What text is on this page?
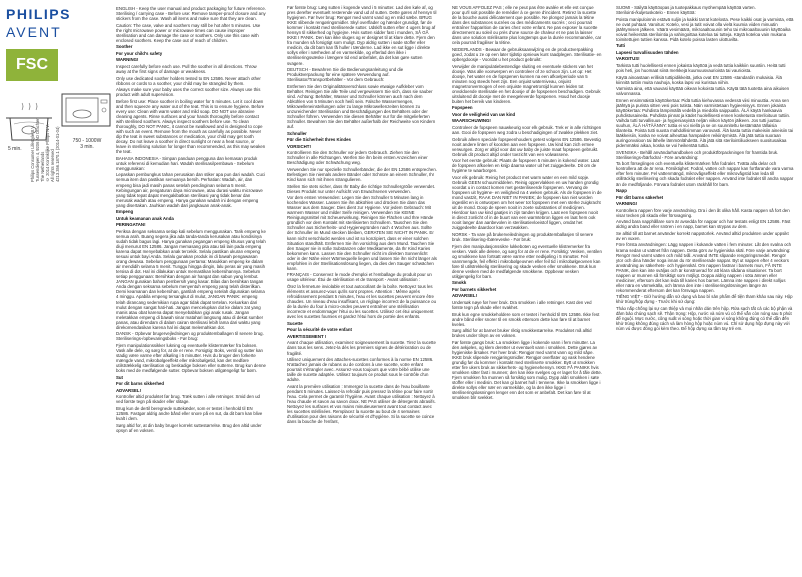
PHILIPS
AVENT
FSC
Philips Consumer Lifestyle B.V. Tussendiepen 4, 9206 AD Drachten The Netherlands © 2014 Koninklijke Philips N.V. All rights reserved 4213.356.1870.1 (2014-01-04)
5 min.
750 - 1000W
3 min.

ENGLISH - Keep the user manual and product packaging for future reference. Sterilising / carrying case - Before use: Remove tamper-proof closure and any stickers from the case. Wash all items and make sure that they are clean.

Caution: The case, valve and soothers may still be hot after 5 minutes. Use the right microwave power or microwave times can cause improper sterilisation and can damage the case or soothers. Only use this case with enclosed soothers. Keep the case out of reach of children.

Soother

For your child's safety

WARNING!

Inspect carefully before each use. Pull the soother in all directions. Throw away at the first signs of damage or weakness.

Only use dedicated soother holders tested to EN 12586. Never attach other ribbons or cords to a soother, your child may be strangled by them.

Always make sure your baby uses the correct soother size. Always use this product with adult supervision.

Before first use: Place soother in boiling water for 5 minutes. Let it cool down and then squeeze any water out of the teat. This is to ensure hygiene. Before every use: Clean with warm water and mild soap. DO NOT use abrasive cleaning agents. Rinse surfaces and your hands thoroughly before contact with sterilised soothers. Always inspect soothers before use. To clean thoroughly, DO NOT PANIC, it cannot be swallowed and is designed to cope with such an event. Remove from the mouth as carefully as possible. Never dip the teat in sweet substances or medication, your child may get tooth decay. Do not leave a soother in direct sunlight or near a heat source, or leave in sterilising solution for longer than recommended, as this may weaken the teat.

BAHASA INDONESIA - Simpan panduan pengguna dan kemasan produk untuk referensi di kemudian hari. Wadah sterilisasi/pembawa - Sebelum menggunakan:

Lepaskan pembungkus tahan perusakan dan stiker apa pun dari wadah. Cuci semua item dan pastikan semuanya bersih. Perhatian: Wadah, air, dan empeng bisa jadi masih panas setelah pendinginan selama 5 menit. Kebingungan air, pengaturan daya microwave, atau durasi waktu microwave yang tidak tepat dapat mengakibatkan sterilisasi yang tidak benar dan merusak wadah atau empeng. Hanya gunakan wadah ini dengan empeng yang disertakan. Jauhkan wadah dari jangkauan anak-anak.

Empeng

Untuk keamanan anak Anda

PERINGATAN!

Periksa dengan seksama setiap kali sebelum menggunakan. Tarik empeng ke semua arah. Buang segera jika ada tanda-tanda kerusakan atau kondisinya sudah tidak bagus lagi. Hanya gunakan pegangan empeng khusus yang telah diuji menurut EN 12586. Jangan memasang pita atau tali lain pada empeng karena dapat menyebabkan anak tercekik. Selalu pastikan ukuran empeng sesuai untuk bayi Anda. Selalu gunakan produk ini di bawah pengawasan orang dewasa. Sebelum penggunaan pertama: Masukkan empeng ke dalam air mendidih selama 5 menit. Tunggu hingga dingin, lalu peras air yang masih tersisa di dot. Hal ini dilakukan untuk memastikan kebersihannya. Sebelum setiap penggunaan: Bersihkan dengan air hangat dan sabun yang lembut. JANGAN gunakan bahan pembersih yang kasar. Bilas dan bersihkan tangan Anda dengan seksama sebelum menyentuh empeng yang telah disterilkan. Demi keamanan dan kebersihan, gantilah empeng setelah digunakan selama 4 minggu. Apabila empeng tersangkut di mulut, JANGAN PANIK: empeng telah dirancang sedemikian rupa agar tidak dapat tertelan. Keluarkan dari mulut dengan sangat hati-hati. Jangan mencelupkan dot ke dalam zat yang manis atau obat karena dapat menyebabkan gigi anak rusak. Jangan meletakkan empeng di bawah sinar matahari langsung atau di dekat sumber panas, atau direndam di dalam cairan sterilisasi lebih lama dari waktu yang direkomendasikan karena hal ini dapat melemahkan dot.

DANSK - Opbevar brugervejledningen og produktemballagen til senere brug. Steriliserings-/opbevaringsboks - Før brug:

Fjern manipulationssikker lukning og eventuelle klistermærker fra boksen. Vask alle dele, og sørg for, at de er rene. Forsigtig: Boks, ventil og sutter kan stadig være varme efter afkøling i 5 minutter. Hvis du bruger den forkerte mængde vand, mikrobølgeeffekt eller mikrobølgetid, kan det medføre utilstrækkelig sterilisation og beskadige boksen eller sutterne. Brug kun denne boks med de medfølgende sutter. Opbevar boksen utilgængeligt for børn.

Sut

For dit barns sikkerhed

ADVARSEL!

Kontroller altid produktet før brug. Træk sutten i alle retninger. Smid den ud ved første tegn på skader eller slitage.

Brug kun de dertil beregnede suttekæder, som er testet i henhold til EN 12586. Fastgør aldrig andre bånd eller snore på en sut, da dit barn kan blive kvalt i dem.

Sørg altid for, at din baby bruger korrekt suttestørrelse. Brug den altid under opsyn af en voksen.

Før første brug: Læg sutten i kogende vand i 5 minutter. Lad den køle af, og pres derefter eventuelt resterende vand ud af sutten. Dette gøres af hensyn til hygiejnen. Før hver brug: Rengør med varmt vand og en mild sæbe. BRUG IKKE slibende rengøringsmidler. Skyl overflader og hænder grundigt, før de kommer i kontakt med steriliserede sutter. Udskift sutten efter 4 ugers brug af hensyn til sikkerhed og hygiejne. Hvis sutten sidder fast i munden, SÅ GÅ IKKE I PANIK. Den kan ikke sluges og er designet til at klare dette. Fjern den fra munden så forsigtigt som muligt. Dyp aldrig sutten i søde stoffer eller medicin, da dit barn kan få huller i tænderne. Lad ikke en sut ligge i direkte sollys eller i nærheden af en varmekilde, og efterlad den ikke i steriliseringsvæske i længere tid end anbefalet, da det kan gøre sutten svagere.

DEUTSCH - Bewahren Sie die Bedienungsanleitung und die Produktverpackung für eine spätere Verwendung auf. Sterilisator/Transportbehälter - Vor dem Gebrauch:

Entfernen Sie den Originalitätsverschluss sowie etwaige Aufkleber vom Behälter. Reinigen Sie alle Teile und vergewissern Sie sich, dass sie sauber sind. Achtung: Behälter, Wasser und Schnuller können auch nach dem Abkühlen von 5 Minuten noch heiß sein. Falsche Wassermengen, Mikrowelleneinstellungen oder zu lange Mikrowellenzeiten können zu unzureichender Sterilisation und Beschädigungen des Behälters oder der Schnuller führen. Verwenden Sie diesen Behälter nur für die mitgelieferten Schnuller. Bewahren Sie den Behälter außerhalb der Reichweite von Kindern auf.

Schnuller

Für die Sicherheit Ihres Kindes

VORSICHT!

Kontrollieren Sie den Schnuller vor jedem Gebrauch. Ziehen Sie den Schnuller in alle Richtungen. Werfen Sie ihn beim ersten Anzeichen einer Beschädigung oder Schwächung weg.

Verwenden Sie nur spezielle Schnullerbänder, die der EN 12586 entsprechen. Befestigen Sie niemals andere Bänder oder Schnüre an einem Schnuller, Ihr Kind kann sich mit ihnen strangulieren.

Stellen Sie stets sicher, dass Ihr Baby die richtige Schnullergröße verwendet. Dieses Produkt nur unter Aufsicht von Erwachsenen verwenden.

Vor dem ersten Verwenden: Legen Sie den Schnuller 5 Minuten lang in kochendes Wasser. Lassen Sie ihn abkühlen und drücken Sie dann das Wasser aus dem Sauger. Dies dient zur Hygiene. Vor jedem Gebrauch: Mit warmem Wasser und milder Seife reinigen. Verwenden Sie KEINE Reinigungsmittel mit Scheuerwirkung. Reinigen Sie Flächen und Ihre Hände gründlich vor dem Kontakt mit sterilisierten Schnullern. Tauschen Sie den Schnuller aus Sicherheits- und Hygienegründen nach 4 Wochen aus. Sollte der Schnuller im Mund stecken bleiben, GERATEN SIE NICHT IN PANIK. Er kann nicht verschluckt werden und ist so konzipiert, dass er einer solchen Situation standhält. Entfernen Sie ihn vorsichtig aus dem Mund. Tauchen Sie den Sauger nie in süße Substanzen oder Medikamente, da Ihr Kind Karies bekommen kann. Lassen Sie den Schnuller nicht im direkten Sonnenlicht oder in der Nähe einer Wärmequelle liegen und lassen Sie ihn nicht länger als empfohlen in der Sterilisationslösung liegen, da dies den Sauger schwächen kann.

FRANÇAIS - Conservez le mode d'emploi et l'emballage du produit pour un usage ultérieur. Étui de stérilisation et de transport - Avant utilisation :

Ôtez la fermeture inviolable et tout autocollant de la boîte. Nettoyez tous les éléments et assurez-vous qu'ils sont propres. Attention : Même après refroidissement pendant 5 minutes, l'eau et les sucettes peuvent encore être chaudes. Un niveau d'eau insuffisant, un réglage incorrect de la puissance ou de la durée du four à micro-ondes peuvent entraîner une stérilisation incorrecte et endommager l'étui ou les sucettes. Utilisez cet étui uniquement avec les sucettes fournies et gardez l'étui hors de portée des enfants.

Sucette

Pour la sécurité de votre enfant

AVERTISSEMENT !

Avant chaque utilisation, examinez soigneusement la sucette. Tirez la sucette dans tous les sens. Jetez-la dès les premiers signes de détérioration ou de fragilité.

Utilisez uniquement des attaches-sucettes conformes à la norme EN 12586. N'attachez jamais de rubans ou de cordons à une sucette, votre enfant pourrait s'étrangler avec. Assurez-vous toujours que votre bébé utilise une taille de sucette adaptée. Utilisez toujours ce produit sous le contrôle d'un adulte.

Avant la première utilisation : Immergez la sucette dans de l'eau bouillante pendant 5 minutes. Laissez-la refroidir puis pressez la tétine pour faire sortir l'eau. Cela permet de garantir l'hygiène. Avant chaque utilisation : Nettoyez à l'eau chaude et savon au savon doux. NE PAS utiliser de détergents abrasifs. Nettoyez les surfaces et vos mains minutieusement avant tout contact avec les sucettes stérilisées. Remplacez la sucette au bout de 4 semaines d'utilisation pour des raisons de sécurité et d'hygiène. Si la sucette se coince dans la bouche de l'enfant,

NE VOUS AFFOLEZ PAS ; elle ne peut pas être avalée et elle est conçue pour qu'il soit possible de remédier à ce genre d'incident. Retirez la sucette de la bouche aussi délicatement que possible. Ne plongez jamais la tétine dans des substances sucrées ou des médicaments sucrés ; ceci pourrait entraîner l'apparition de caries chez votre enfant. Ne pas exposer la sucette directement au soleil ou près d'une source de chaleur et ne pas la laisser dans une solution stérilisante plus longtemps que la durée recommandée, car cela pourrait fragiliser la tétine.

NEDERLANDS - Bewaar de gebruiksaanwijzing en de productverpakking goed, zodat u ze op een later tijdstip opnieuw kunt raadplegen. Sterilisatie- en opbergdoosje - Voordat u het product gebruikt:

Verwijder de manipulatiebestendige sluiting en eventuele stickers van het doosje. Was alle voorwerpen en controleer of ze schoon zijn. Let op: Het doosje, het water en de fopspenen kunnen na een afkoelperiode van 5 minuten nog steeds heet zijn. Een onjuist waterniveau, onjuist magnetronvermogen of een onjuiste magnetrontijd kunnen leiden tot onvoldoende sterilisatie en het doosje of de fopspenen beschadigen. Gebruik uitsluitend dit doosje met de meegeleverde fopspenen. Houd het doosje buiten het bereik van kinderen.

Fopspeen

Voor de veiligheid van uw kind

WAARSCHUWING!

Controleer de fopspeen nauwkeurig voor elk gebruik. Trek er in alle richtingen aan. Gooi de fopspeen weg zodra u beschadigingen of zwakke plekken ziet.

Gebruik alleen speciale fopspeenhouders getest volgens EN 12586. Bevestig nooit andere linten of koorden aan een fopspeen. Uw kind kan zich ermee verwurgen. Zorg er altijd voor dat uw baby de juiste maat fopspeen gebruikt. Gebruik dit product altijd onder toezicht van een volwassene.

Voor het eerste gebruik: Plaats de fopspeen 5 minuten in kokend water. Laat de fopspeen afkoelen en knijp daarna water uit het zuiggedeelte. Dit om de hygiëne te waarborgen.

Voor elk gebruik: Reinig het product met warm water en een mild sopje. Gebruik GEEN schuurmiddelen. Reinig oppervlakken en uw handen grondig voordat u in contact komen met gesteriliseerde fopspenen. Vervang de fopspeen uit hygiëne- en veiligheid na 4 weken gebruik. Als de fopspeen in de mond vastzit, RAAK DAN NIET IN PANIEK; de fopspeen kan niet worden ingeslikt en is ontworpen om het weer tot fopspeen met een sterke zuigkracht uit de mond. Doop de speen nooit in zoete substanties of medicijnen. Hierdoor kan uw kind gaatjes in zijn tanden krijgen. Laat een fopspeen nooit in direct zonlicht of in de buurt van een warmtebron liggen en laat hem ook nooit langer dan aanbevolen in sterilisatievloeistof liggen, omdat het zuiggedeelte daardoor kan verzwakken.

NORSK - Ta vare på brukerveiledningen og produktemballasjen til senere bruk. Sterilisering-/bæreveske - Før bruk:

Fjern den manipulasjonssikre lukkeboten og eventuelle klistremerker fra vesken. Vask alle delene, og sørg for at de er rene. Forsiktig: Vesken, ventilen og smokkene kan fortsatt være varme etter nedkjøling i 5 minutter. Feil vannmengde, feil effekt i mikrobølgeovnen eller feil tid i mikrobølgeovnen kan føre til utilstrekkelig sterilisering og skade vesken eller smokkene. Bruk kun denne vesken med de medfølgende smokkene. Oppbevar vesken utilgjengelig for barn.

Smokk

For barnets sikkerhet

ADVARSEL!

Undersøk nøye før hver bruk. Dra smokken i alle retninger. Kast den ved første tegn på skade eller svakhet.

Bruk kun egne smokkeholdere som er testet i henhold til EN 12586. Ikke fest andre bånd eller snorer til en smokk ettersom dette kan føre til at barnet kveles.

Sørg alltid for at barnet bruker riktig smokkestørrelse. Produktet må alltid brukes under tilsyn av en voksen.

Før første gangs bruk: La smokken ligge i kokende vann i fem minutter. La den avkjøles, og klem deretter ut eventuelt vann i smokken. Dette gjøres av hygieniske årsaker. Før hver bruk: Rengjør med varmt vann og mild såpe. IKKE bruk slipende rengjøringsmidler. Rengjør overflater og vask hendene grundig før du kommer i kontakt med steriliserte smokker. Bytt ut smokken etter fire ukers bruk av sikkerhets- og hygienehensyn. IKKE FÅ PANIKK hvis smokken sitter fast i munnen; den kan ikke svelges og er laget for å tåle dette. Fjern smokken fra munnen så forsiktig som mulig. Dypp aldri smokken i søte stoffer eller i medisin. Det kan gi barnet hull i tennene. Ikke la smokken ligge i direkte sollys eller nær en varmekilde, og la den ikke ligge i steriliseringsløsningen lenger enn det som er anbefalt. Det kan føre til at smokken blir svekket.

SUOMI - Säilytä käyttöopas ja tuotepakkaus myöhempää käyttöä varten. Sterilointi-/kuljetuskotelo - Ennen käyttöä:

Poista manipuloinnin estävä suljin ja kaikki tarrat kotelosta. Pese kaikki osat ja varmista, että ne ovat puhtaat. Varoitus: Kotelo, vesi ja tutit voivat olla vielä kuumia viiden minuutin jäähtymisen jälkeen. Väärä vesimäärä, mikroaaltouunin teho tai mikroaaltouunin käyttöaika voivat heikentää sterilointia ja vahingoittaa koteloa tai tutteja. Käytä koteloa vain mukana toimitettujen tuttien kanssa. Pidä kotelo poissa lasten ulottuvilta.

Tutti

Lapsesi turvallisuuden tähden

VAROITUS!

Tarkista tutti huolellisesti ennen jokaista käyttöä ja vedä tuttia kaikkiin suuntiin. Heitä tutti pois heti, jos huomaat siinä merkkejä kuumuusvaurioista tai vaurioista.

Käytä ainoastaan erillisiä tuttipidikkeitä, jotka ovat EN 12586 -standardin mukaisia. Älä kiinnitä tuttiin muita nauhoja, koska lapsi voi kuristua niihin.

Varmista aina, että vauvasi käyttää oikean kokoista tuttia. Käytä tätä tuotetta aina aikuisen valvonnassa.

Ennen ensimmäistä käyttökertaa: Pidä tuttia kiehuvassa vedessä viisi minuuttia. Anna sen jäähtyä ja purista sitten vesi pois tutista. Näin varmistetaan hygieenisyys. Ennen jokaista käyttökertaa: Puhdista lämpimällä vedellä ja miedolla saippualla. ÄLÄ käytä hankaavia puhdistusaineita. Puhdista pinnat ja kädet huolellisesti ennen kosketusta steriloituun tuttiin. Vaihda tutti turvallisuus- ja hygieniasyistä neljän viikon käytön jälkeen. Jos tutti juuttuu suuhun, ÄLÄ HÄTÄÄNNY: tuttia ei voi niellä ja se on suunniteltu kestämään tällaisia tilanteita. Poista tutti suusta mahdollisimman varovasti. Älä kasta tuttia makeisiin aineisiin tai lääkkeisiin, koska ne voivat aiheuttaa hampaiden reikiintymistä. Älä jätä tuttia suoraan auringonvaloon tai lähelle lämmönlähdettä. Älä jätä sitä sterilointiliuokseen suositusaikaa pidemmäksi aikaa, koska se voi heikentää tuttia.

SVENSKA - Behåll användarhandboken och produktförpackningen för framtida bruk. Steriliserings-/bärfodral - Före användning:

Ta bort förseglingen och eventuella klistermärken från fodralet. Tvätta alla delar och kontrollera att de är rena. Försiktighet: Fodral, vatten och nappar kan fortfarande vara varma efter fem minuter. Fel vattenmängd, mikrovågseffekt eller mikrovågstid kan leda till otillräcklig sterilisering och skada fodralet eller nappen. Använd inte fodralet till andra nappar än de medföljande. Förvara fodralet utom räckhåll för barn.

Napp

För ditt barns säkerhet

VARNING!

Kontrollera nappen före varje användning. Dra i den åt olika håll. Kasta nappen så fort den visar tecken på skada eller försvagning.

Använd bara napphållare som är avsedda för nappar och har testats enligt EN 12586. Fäst aldrig andra band eller snören i en napp, barnet kan strypas av dem.

Se alltid till att barnet använder korrekt nappstorlek. Använd alltid produkten under uppsikt av en vuxen.

Före första användningen: Lägg nappen i kokande vatten i fem minuter. Låt den svalna och krama sedan ut vattnet från nappen. Detta görs av hygieniska skäl. Före varje användning: Rengör med varmt vatten och mild tvål. Använd INTE slipande rengöringsmedel. Rengör ytor och dina händer noga innan du rör steriliserade nappar. Byt ut nappen efter 4 veckors användning av säkerhets- och hygienskäl. Om nappen fastnar i barnets mun, FÅ INTE PANIK, den kan inte sväljas och är konstruerad för att klara sådana situationer. Ta bort nappen ur munnen så försiktigt som möjligt. Doppa aldrig nappen i söta ämnen eller mediciner, eftersom det kan leda till karies hos barnet. Lämna inte nappen i direkt solljus eller nära en värmekälla, och lämna den inte i steriliseringslösningen längre än rekommenderat eftersom det kan försvaga nappen.

TIẾNG VIỆT - Giữ hướng dẫn sử dụng và bao bì sản phẩm để tiện tham khảo sau này. Hộp khử trùng/hộp đựng - Trước khi sử dụng:

Tháo nắp chống lại sự can thiệp và mọi nhãn dán trên hộp. Rửa sạch tất cả các bộ phận và đảm bảo chúng sạch sẽ. Thận trọng: Hộp, nước và núm vú có thể vẫn còn nóng sau 5 phút để nguội. Mực nước, công suất vi sóng hoặc thời gian vi sóng không đúng có thể dẫn đến khử trùng không đúng cách và làm hỏng hộp hoặc núm vú. Chỉ sử dụng hộp đựng này với núm vú được đóng gói kèm theo. Để hộp đựng xa tầm tay trẻ em.
